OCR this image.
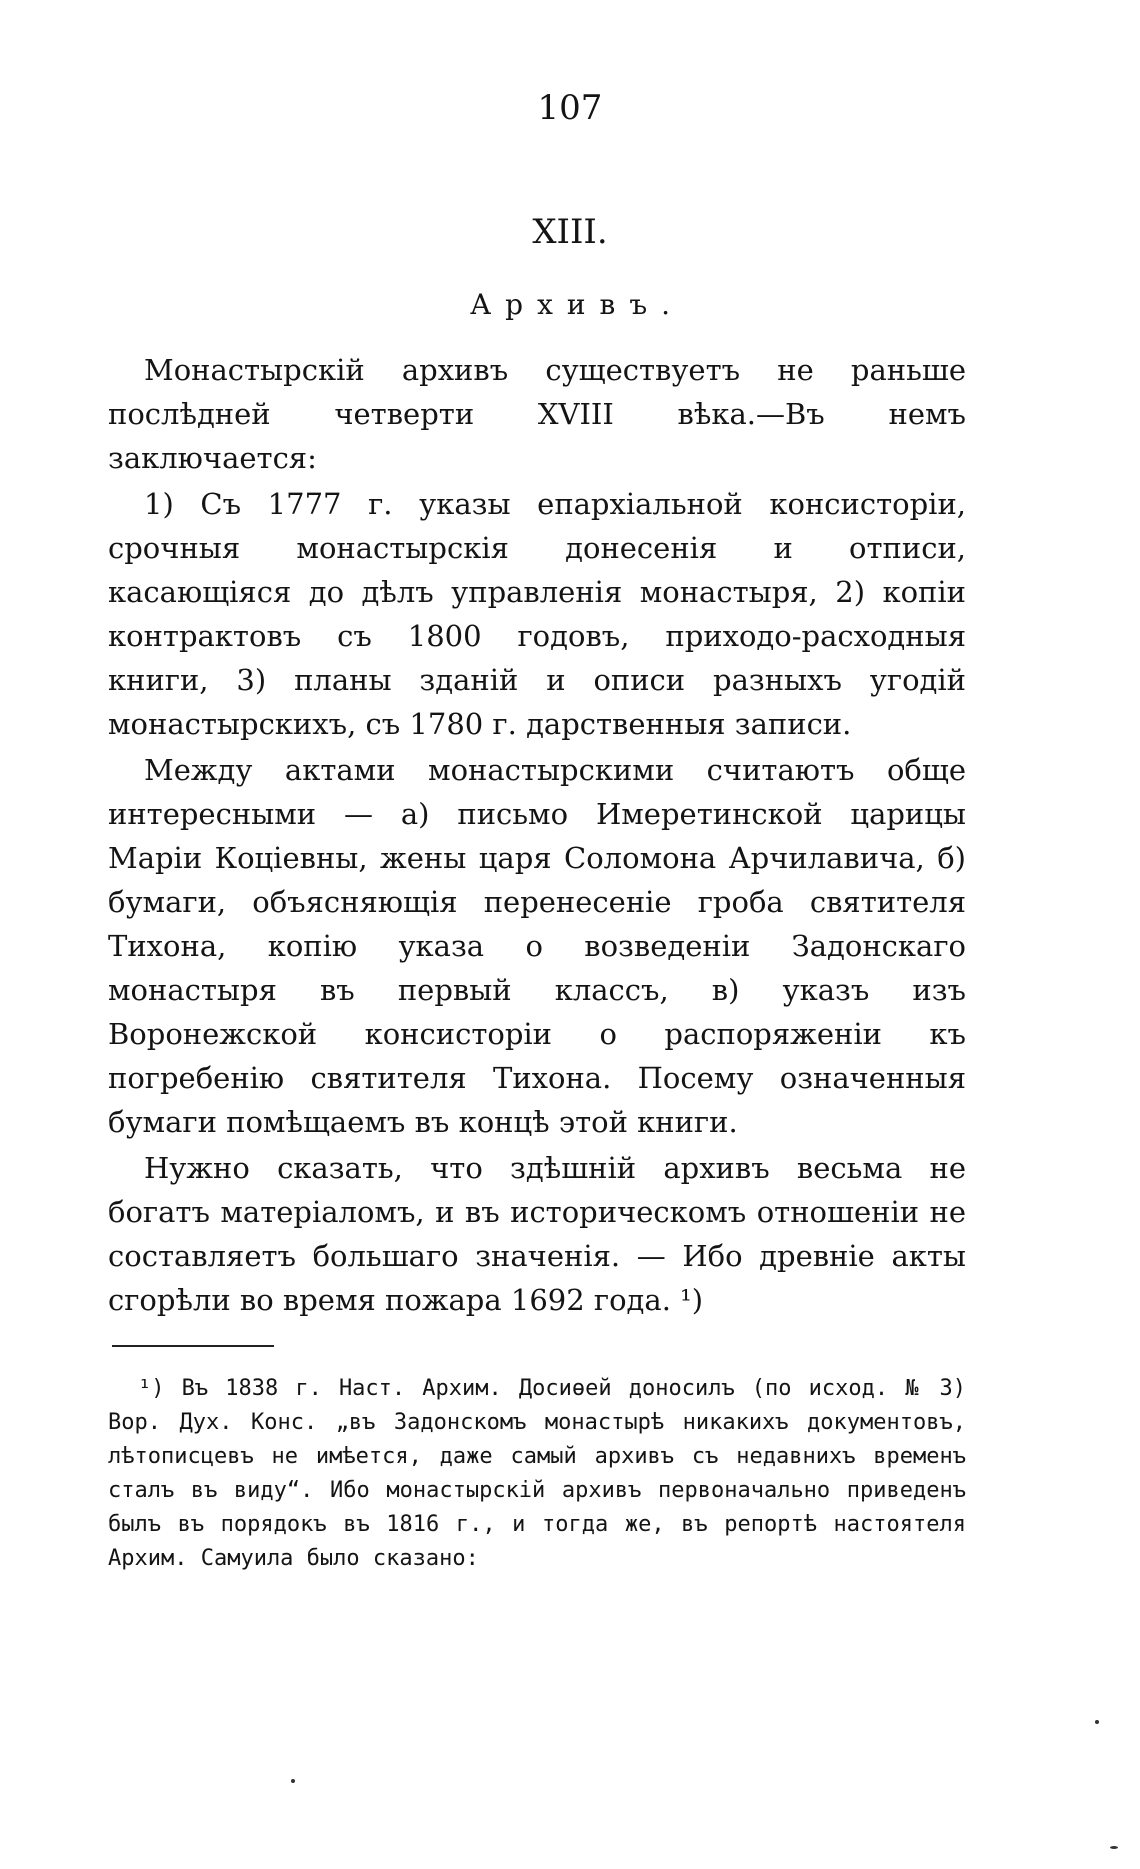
107
XIII.
Архивъ.

Монастырскій архивъ существуетъ не раньше послѣдней четверти XVIII вѣка.—Въ немъ заключается:

1) Съ 1777 г. указы епархіальной консисторіи, срочныя монастырскія донесенія и отписи, касающіяся до дѣлъ управленія монастыря, 2) копіи контрактовъ съ 1800 годовъ, приходо-расходныя книги, 3) планы зданій и описи разныхъ угодій монастырскихъ, съ 1780 г. дарственныя записи.

Между актами монастырскими считаютъ обще интересными — а) письмо Имеретинской царицы Маріи Коціевны, жены царя Соломона Арчилавича, б) бумаги, объясняющія перенесеніе гроба святителя Тихона, копію указа о возведеніи Задонскаго монастыря въ первый классъ, в) указъ изъ Воронежской консисторіи о распоряженіи къ погребенію святителя Тихона. Посему означенныя бумаги помѣщаемъ въ концѣ этой книги.

Нужно сказать, что здѣшній архивъ весьма не богатъ матеріаломъ, и въ историческомъ отношеніи не составляетъ большаго значенія. — Ибо древніе акты сгорѣли во время пожара 1692 года. ¹)

¹) Въ 1838 г. Наст. Архим. Досиѳей доносилъ (по исход. № 3) Вор. Дух. Конс. „въ Задонскомъ монастырѣ никакихъ документовъ, лѣтописцевъ не имѣется, даже самый архивъ съ недавнихъ временъ сталъ въ виду“. Ибо монастырскій архивъ первоначально приведенъ былъ въ порядокъ въ 1816 г., и тогда же, въ репортѣ настоятеля Архим. Самуила было сказано:
